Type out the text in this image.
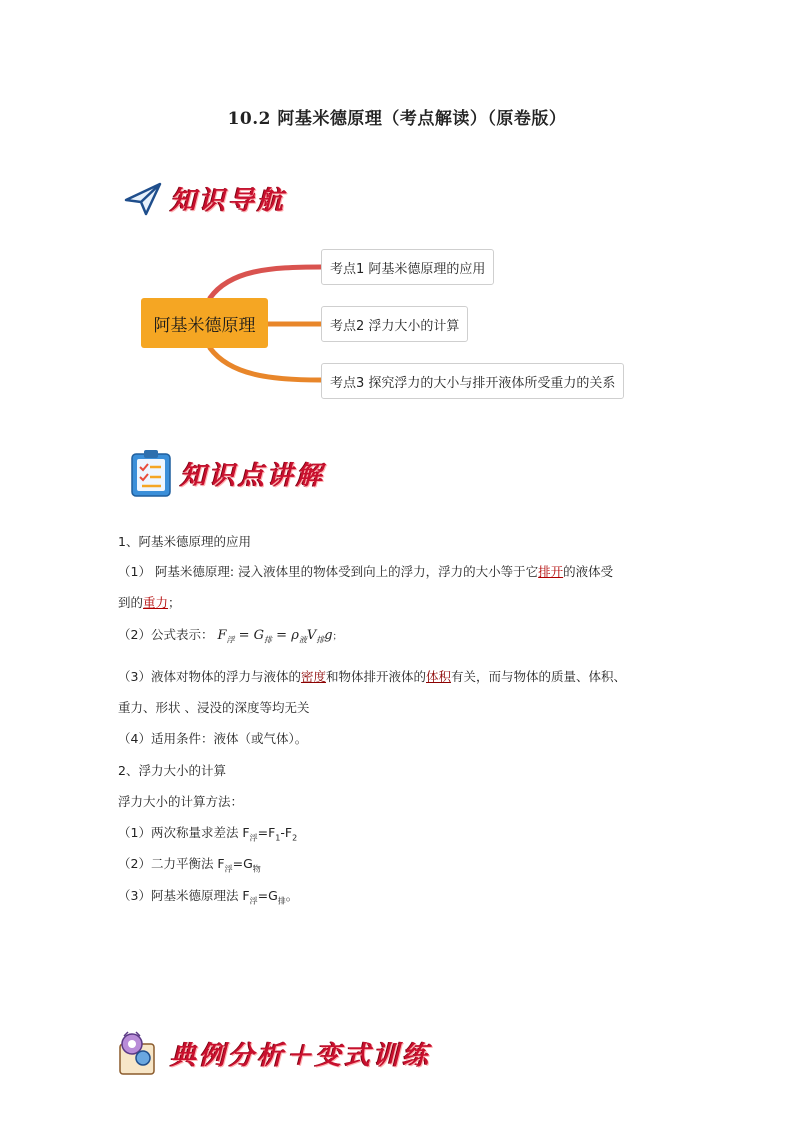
10.2 阿基米德原理（考点解读）（原卷版）
知识导航
阿基米德原理
考点1 阿基米德原理的应用
考点2 浮力大小的计算
考点3 探究浮力的大小与排开液体所受重力的关系
知识点讲解
1、阿基米德原理的应用
（1） 阿基米德原理: 浸入液体里的物体受到向上的浮力，浮力的大小等于它排开的液体受
到的重力；
（2）公式表示： $F_浮 = G_排 = \rho_液V_排g$；
（3）液体对物体的浮力与液体的密度和物体排开液体的体积有关，而与物体的质量、体积、
重力、形状 、浸没的深度等均无关
（4）适用条件：液体（或气体）。
2、浮力大小的计算
浮力大小的计算方法：
（1）两次称量求差法 $F_浮=F_1-F_2$
（2）二力平衡法 $F_浮=G_物$
（3）阿基米德原理法 $F_浮=G_排$。
典例分析＋变式训练
